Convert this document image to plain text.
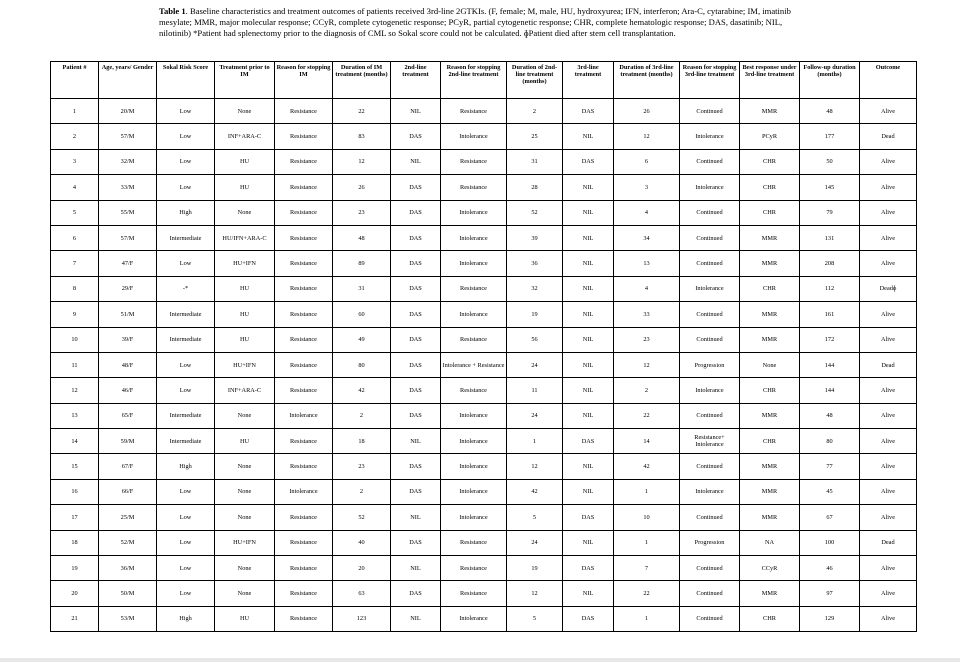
Table 1. Baseline characteristics and treatment outcomes of patients received 3rd-line 2GTKIs. (F, female; M, male, HU, hydroxyurea; IFN, interferon; Ara-C, cytarabine; IM, imatinib mesylate; MMR, major molecular response; CCyR, complete cytogenetic response; PCyR, partial cytogenetic response; CHR, complete hematologic response; DAS, dasatinib; NIL, nilotinib) *Patient had splenectomy prior to the diagnosis of CML so Sokal score could not be calculated. ɸPatient died after stem cell transplantation.
Patient #	Age, years/ Gender	Sokal Risk Score	Treatment prior to IM	Reason for stopping IM	Duration of IM treatment (months)	2nd-line treatment	Reason for stopping 2nd-line treatment	Duration of 2nd-line treatment (months)	3rd-line treatment	Duration of 3rd-line treatment (months)	Reason for stopping 3rd-line treatment	Best response under 3rd-line treatment	Follow-up duration (months)	Outcome
1	20/M	Low	None	Resistance	22	NIL	Resistance	2	DAS	26	Continued	MMR	48	Alive
2	57/M	Low	INF+ARA-C	Resistance	83	DAS	Intolerance	25	NIL	12	Intolerance	PCyR	177	Dead
3	32/M	Low	HU	Resistance	12	NIL	Resistance	31	DAS	6	Continued	CHR	50	Alive
4	33/M	Low	HU	Resistance	26	DAS	Resistance	28	NIL	3	Intolerance	CHR	145	Alive
5	55/M	High	None	Resistance	23	DAS	Intolerance	52	NIL	4	Continued	CHR	79	Alive
6	57/M	Intermediate	HU/IFN+ARA-C	Resistance	48	DAS	Intolerance	39	NIL	34	Continued	MMR	131	Alive
7	47/F	Low	HU+IFN	Resistance	89	DAS	Intolerance	36	NIL	13	Continued	MMR	208	Alive
8	29/F	-*	HU	Resistance	31	DAS	Resistance	32	NIL	4	Intolerance	CHR	112	Deadɸ
9	51/M	Intermediate	HU	Resistance	60	DAS	Intolerance	19	NIL	33	Continued	MMR	161	Alive
10	39/F	Intermediate	HU	Resistance	49	DAS	Resistance	56	NIL	23	Continued	MMR	172	Alive
11	48/F	Low	HU+IFN	Resistance	80	DAS	Intolerance + Resistance	24	NIL	12	Progression	None	144	Dead
12	46/F	Low	INF+ARA-C	Resistance	42	DAS	Resistance	11	NIL	2	Intolerance	CHR	144	Alive
13	65/F	Intermediate	None	Intolerance	2	DAS	Intolerance	24	NIL	22	Continued	MMR	48	Alive
14	59/M	Intermediate	HU	Resistance	18	NIL	Intolerance	1	DAS	14	Resistance+ Intolerance	CHR	80	Alive
15	67/F	High	None	Resistance	23	DAS	Intolerance	12	NIL	42	Continued	MMR	77	Alive
16	66/F	Low	None	Intolerance	2	DAS	Intolerance	42	NIL	1	Intolerance	MMR	45	Alive
17	25/M	Low	None	Resistance	52	NIL	Intolerance	5	DAS	10	Continued	MMR	67	Alive
18	52/M	Low	HU+IFN	Resistance	40	DAS	Resistance	24	NIL	1	Progression	NA	100	Dead
19	36/M	Low	None	Resistance	20	NIL	Resistance	19	DAS	7	Continued	CCyR	46	Alive
20	50/M	Low	None	Resistance	63	DAS	Resistance	12	NIL	22	Continued	MMR	97	Alive
21	53/M	High	HU	Resistance	123	NIL	Intolerance	5	DAS	1	Continued	CHR	129	Alive
